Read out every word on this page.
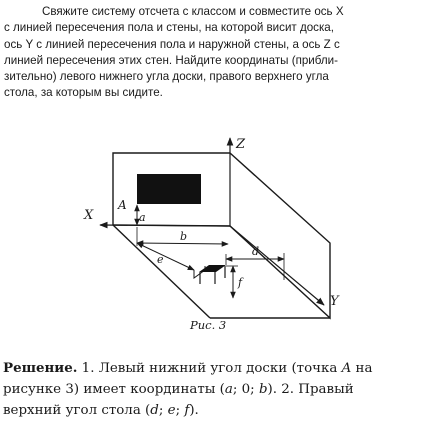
Свяжите систему отсчета с классом и совместите ось X
с линией пересечения пола и стены, на которой висит доска,
ось Y с линией пересечения пола и наружной стены, а ось Z с
линией пересечения этих стен. Найдите координаты (прибли-
зительно) левого нижнего угла доски, правого верхнего угла
стола, за которым вы сидите.
A
a
b
e
d
f
Z
X
Y
Рис. 3
Решение. 1. Левый нижний угол доски (точка A на
рисунке 3) имеет координаты (a; 0; b). 2. Правый
верхний угол стола (d; e; f).
